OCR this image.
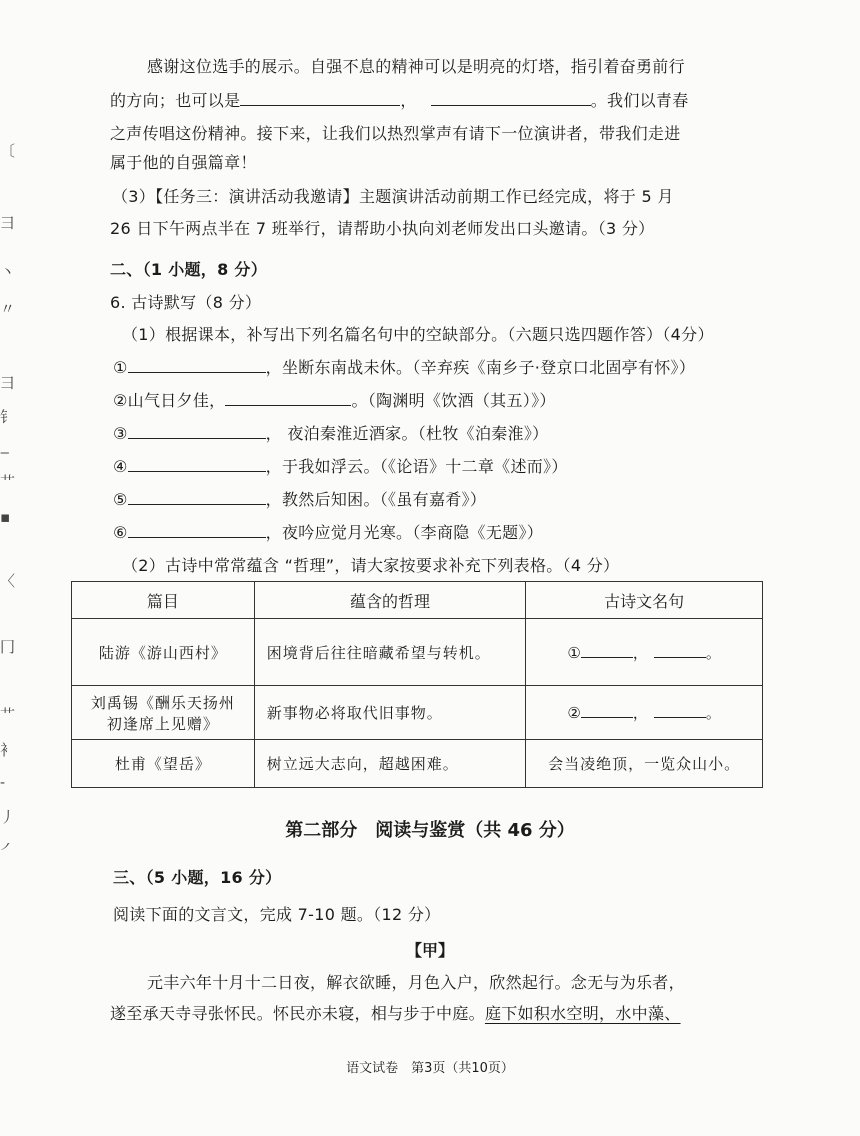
〔
⺕
丶
〃
彐
钅
‒
⺾
▪
〈
冂
艹
衤
‑
丿
㇒
感谢这位选手的展示。自强不息的精神可以是明亮的灯塔，指引着奋勇前行
的方向；也可以是	，	。我们以青春
之声传唱这份精神。接下来，让我们以热烈掌声有请下一位演讲者，带我们走进
属于他的自强篇章！
（3）【任务三：演讲活动我邀请】主题演讲活动前期工作已经完成，将于 5 月
26 日下午两点半在 7 班举行，请帮助小执向刘老师发出口头邀请。（3 分）
二、（1 小题，8 分）
6. 古诗默写（8 分）
（1）根据课本，补写出下列名篇名句中的空缺部分。（六题只选四题作答）（4分）
①	，坐断东南战未休。（辛弃疾《南乡子·登京口北固亭有怀》）
②山气日夕佳，	。（陶渊明《饮酒（其五）》）
③	， 夜泊秦淮近酒家。（杜牧《泊秦淮》）
④	，于我如浮云。（《论语》十二章《述而》）
⑤	，教然后知困。（《虽有嘉肴》）
⑥	，夜吟应觉月光寒。（李商隐《无题》）
（2）古诗中常常蕴含 “哲理”，请大家按要求补充下列表格。（4 分）
篇目	蕴含的哲理	古诗文名句
陆游《游山西村》	困境背后往往暗藏希望与转机。	① ， 。

刘禹锡《酬乐天扬州
初逢席上见赠》	新事物必将取代旧事物。	② ， 。
杜甫《望岳》	树立远大志向，超越困难。	会当凌绝顶，一览众山小。
第二部分　阅读与鉴赏（共 46 分）
三、（5 小题，16 分）
阅读下面的文言文，完成 7-10 题。（12 分）
【甲】
元丰六年十月十二日夜，解衣欲睡，月色入户，欣然起行。念无与为乐者，
遂至承天寺寻张怀民。怀民亦未寝，相与步于中庭。庭下如积水空明，水中藻、
语文试卷　第3页（共10页）
